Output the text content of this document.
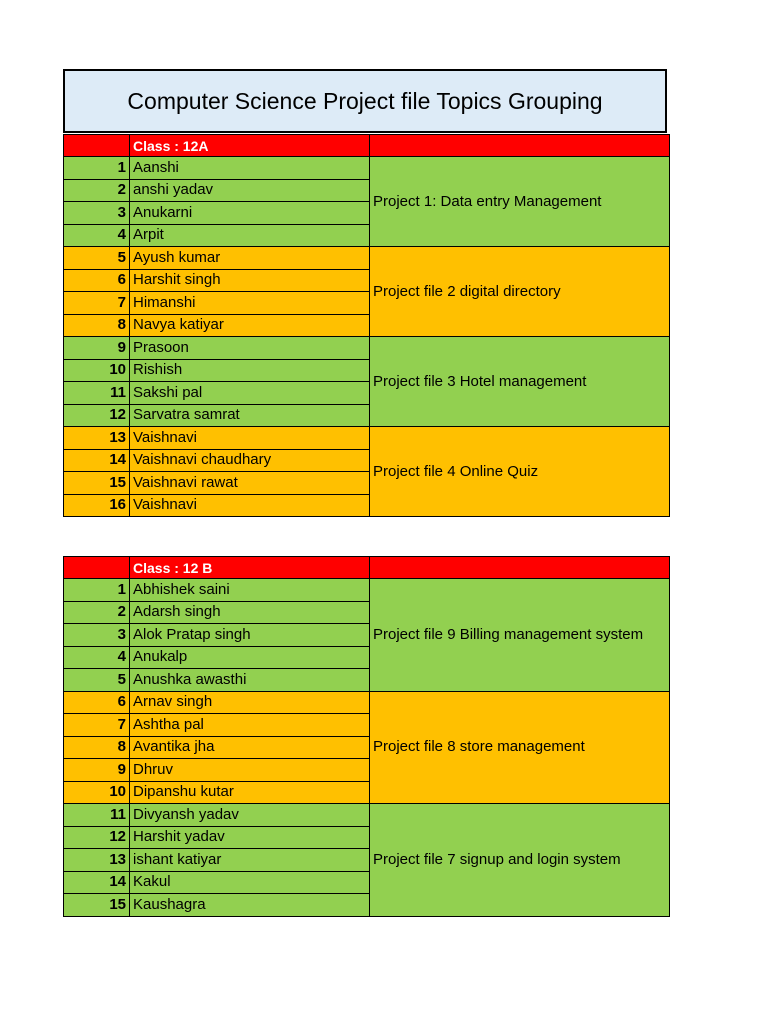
Computer Science Project file Topics Grouping
	Class : 12A	
1	Aanshi	Project 1: Data entry Management
2	anshi yadav	
3	Anukarni	
4	Arpit	
5	Ayush kumar	Project file 2 digital directory
6	Harshit singh	
7	Himanshi	
8	Navya katiyar	
9	Prasoon	Project file 3 Hotel management
10	Rishish	
11	Sakshi pal	
12	Sarvatra samrat	
13	Vaishnavi	Project file 4 Online Quiz
14	Vaishnavi chaudhary	
15	Vaishnavi rawat	
16	Vaishnavi	
	Class : 12 B	
1	Abhishek saini	Project file 9 Billing management system
2	Adarsh singh	
3	Alok Pratap singh	
4	Anukalp	
5	Anushka awasthi	
6	Arnav singh	Project file 8 store management
7	Ashtha pal	
8	Avantika jha	
9	Dhruv	
10	Dipanshu kutar	
11	Divyansh yadav	Project file 7 signup and login system
12	Harshit yadav	
13	ishant katiyar	
14	Kakul	
15	Kaushagra	
